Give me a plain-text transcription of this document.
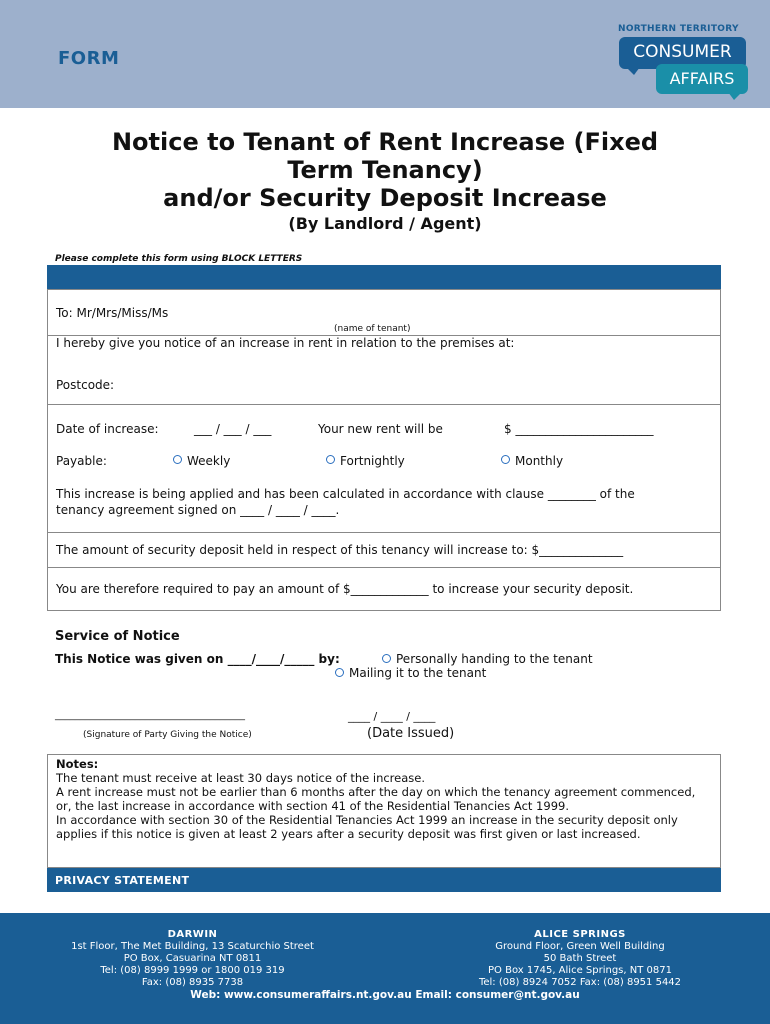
FORM
NORTHERN TERRITORY
CONSUMER
AFFAIRS
Notice to Tenant of Rent Increase (Fixed
Term Tenancy)
and/or Security Deposit Increase
(By Landlord / Agent)
Please complete this form using BLOCK LETTERS
To: Mr/Mrs/Miss/Ms
(name of tenant)
I hereby give you notice of an increase in rent in relation to the premises at:
Postcode:
Date of increase:	___ / ___ / ___	Your new rent will be	$ _______________________
Payable:	Weekly	Fortnightly	Monthly
This increase is being applied and has been calculated in accordance with clause ________ of the
tenancy agreement signed on ____ / ____ / ____.
The amount of security deposit held in respect of this tenancy will increase to: $______________
You are therefore required to pay an amount of $_____________ to increase your security deposit.
Service of Notice
This Notice was given on ____/____/_____ by:	Personally handing to the tenant
Mailing it to the tenant
______________________________________
(Signature of Party Giving the Notice)
____ / ____ / ____
(Date Issued)
Notes:
The tenant must receive at least 30 days notice of the increase.
A rent increase must not be earlier than 6 months after the day on which the tenancy agreement commenced, or, the last increase in accordance with section 41 of the Residential Tenancies Act 1999.
In accordance with section 30 of the Residential Tenancies Act 1999 an increase in the security deposit only applies if this notice is given at least 2 years after a security deposit was first given or last increased.
PRIVACY STATEMENT
DARWIN
1st Floor, The Met Building, 13 Scaturchio Street
PO Box, Casuarina NT 0811
Tel: (08) 8999 1999 or 1800 019 319
Fax: (08) 8935 7738
ALICE SPRINGS
Ground Floor, Green Well Building
50 Bath Street
PO Box 1745, Alice Springs, NT 0871
Tel: (08) 8924 7052 Fax: (08) 8951 5442
Web: www.consumeraffairs.nt.gov.au Email: consumer@nt.gov.au
